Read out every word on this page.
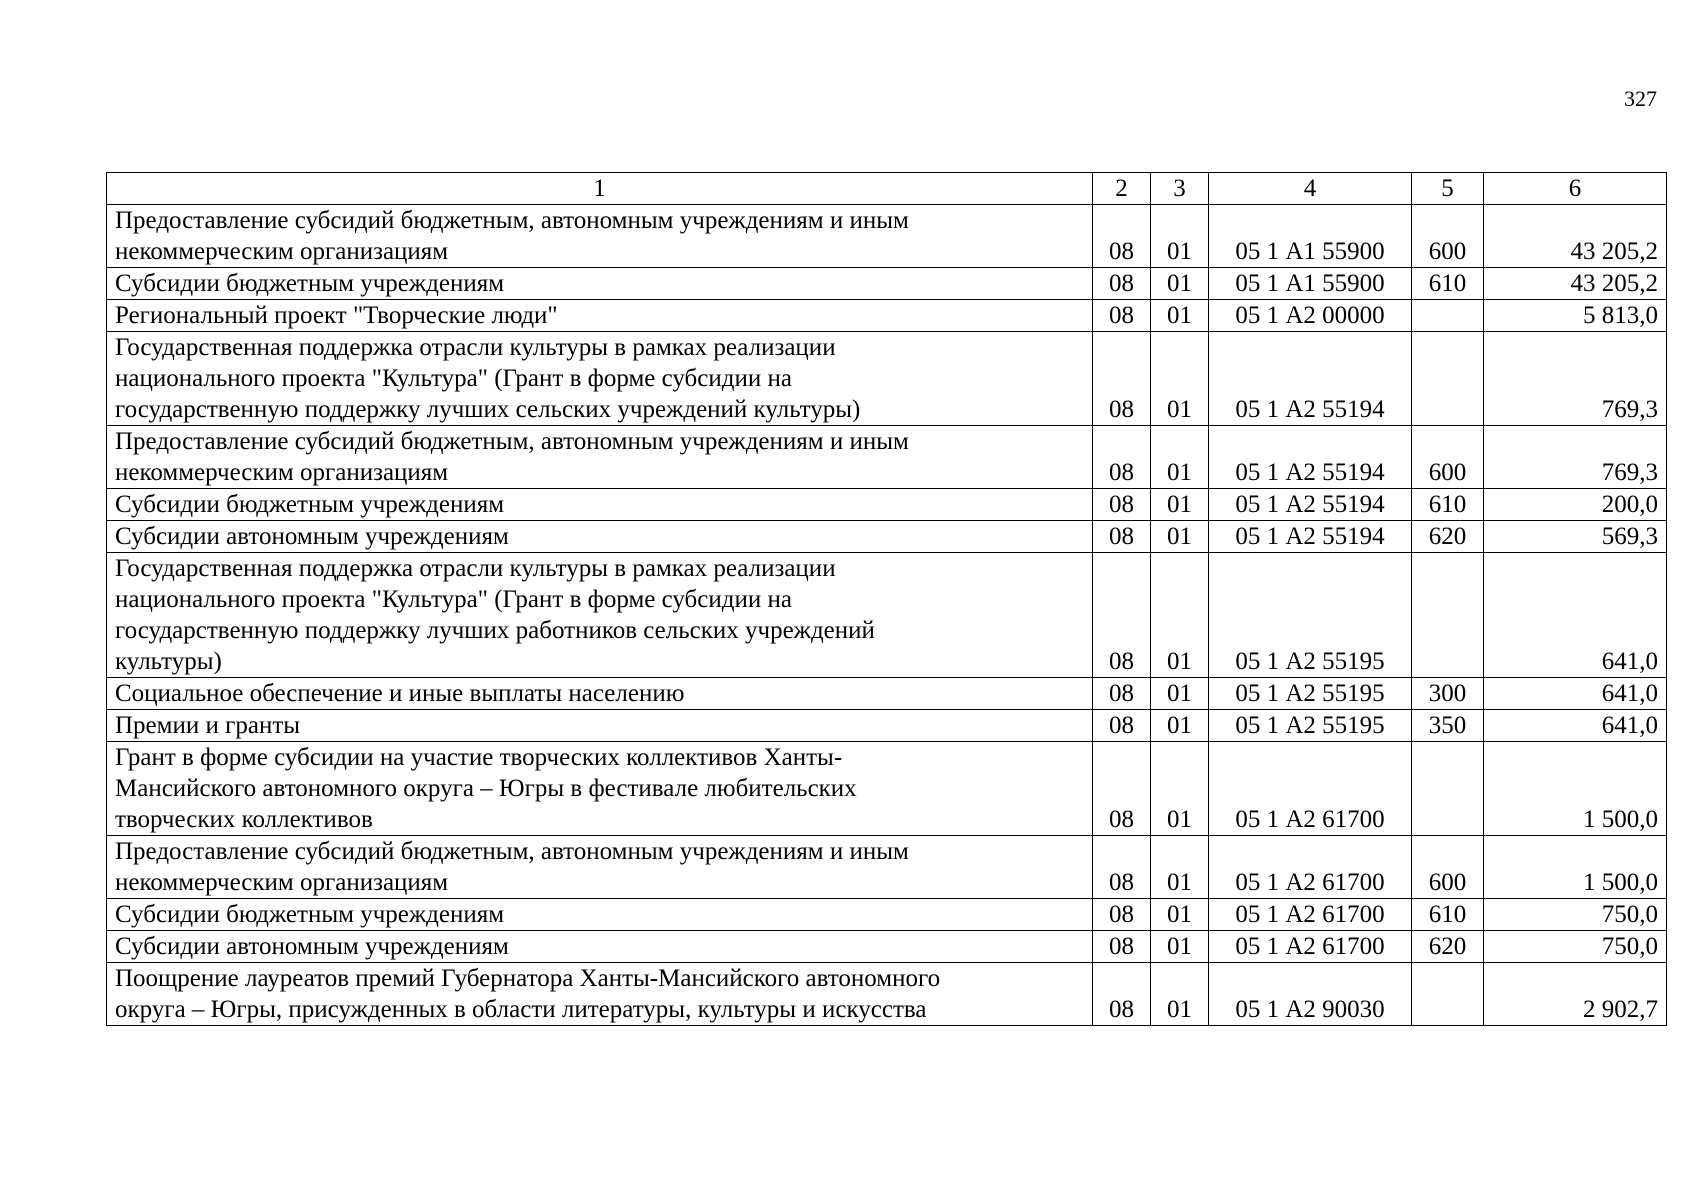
327
1	2	3	4	5	6

Предоставление субсидий бюджетным, автономным учреждениям и иным
некоммерческим организациям	08	01	05 1 А1 55900	600	43 205,2

Субсидии бюджетным учреждениям	08	01	05 1 А1 55900	610	43 205,2

Региональный проект "Творческие люди"	08	01	05 1 А2 00000		5 813,0

Государственная поддержка отрасли культуры в рамках реализации
национального проекта "Культура" (Грант в форме субсидии на
государственную поддержку лучших сельских учреждений культуры)	08	01	05 1 А2 55194		769,3

Предоставление субсидий бюджетным, автономным учреждениям и иным
некоммерческим организациям	08	01	05 1 А2 55194	600	769,3

Субсидии бюджетным учреждениям	08	01	05 1 А2 55194	610	200,0

Субсидии автономным учреждениям	08	01	05 1 А2 55194	620	569,3

Государственная поддержка отрасли культуры в рамках реализации
национального проекта "Культура" (Грант в форме субсидии на
государственную поддержку лучших работников сельских учреждений
культуры)	08	01	05 1 А2 55195		641,0

Социальное обеспечение и иные выплаты населению	08	01	05 1 А2 55195	300	641,0

Премии и гранты	08	01	05 1 А2 55195	350	641,0

Грант в форме субсидии на участие творческих коллективов Ханты-
Мансийского автономного округа – Югры в фестивале любительских
творческих коллективов	08	01	05 1 А2 61700		1 500,0

Предоставление субсидий бюджетным, автономным учреждениям и иным
некоммерческим организациям	08	01	05 1 А2 61700	600	1 500,0

Субсидии бюджетным учреждениям	08	01	05 1 А2 61700	610	750,0

Субсидии автономным учреждениям	08	01	05 1 А2 61700	620	750,0

Поощрение лауреатов премий Губернатора Ханты-Мансийского автономного
округа – Югры, присужденных в области литературы, культуры и искусства	08	01	05 1 А2 90030		2 902,7
